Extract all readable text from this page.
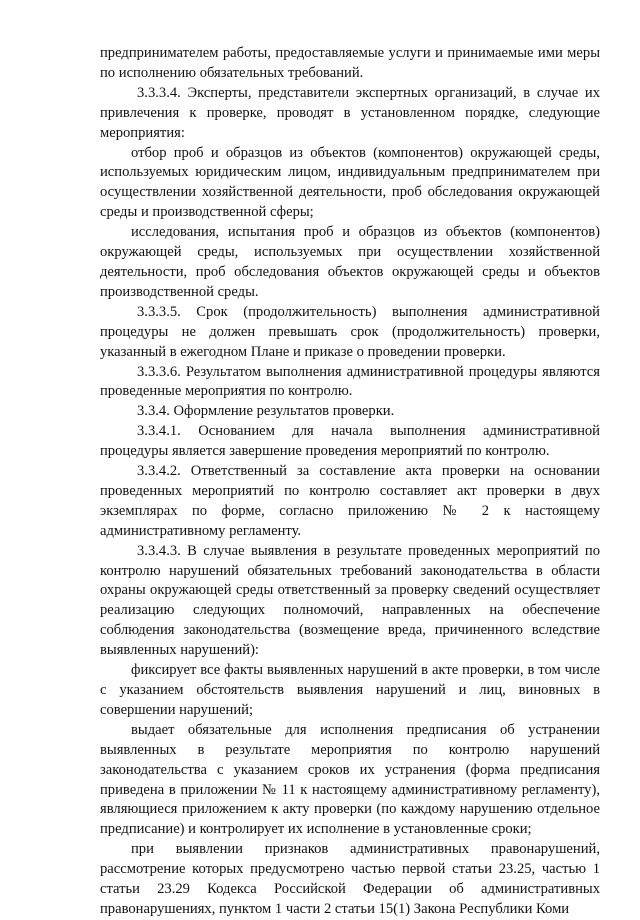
предпринимателем работы, предоставляемые услуги и принимаемые ими меры по исполнению обязательных требований.

3.3.3.4. Эксперты, представители экспертных организаций, в случае их привлечения к проверке, проводят в установленном порядке, следующие мероприятия:

отбор проб и образцов из объектов (компонентов) окружающей среды, используемых юридическим лицом, индивидуальным предпринимателем при осуществлении хозяйственной деятельности, проб обследования окружающей среды и производственной сферы;

исследования, испытания проб и образцов из объектов (компонентов) окружающей среды, используемых при осуществлении хозяйственной деятельности, проб обследования объектов окружающей среды и объектов производственной среды.

3.3.3.5. Срок (продолжительность) выполнения административной процедуры не должен превышать срок (продолжительность) проверки, указанный в ежегодном Плане и приказе о проведении проверки.

3.3.3.6. Результатом выполнения административной процедуры являются проведенные мероприятия по контролю.

3.3.4. Оформление результатов проверки.

3.3.4.1. Основанием для начала выполнения административной процедуры является завершение проведения мероприятий по контролю.

3.3.4.2. Ответственный за составление акта проверки на основании проведенных мероприятий по контролю составляет акт проверки в двух экземплярах по форме, согласно приложению № 2 к настоящему административному регламенту.

3.3.4.3. В случае выявления в результате проведенных мероприятий по контролю нарушений обязательных требований законодательства в области охраны окружающей среды ответственный за проверку сведений осуществляет реализацию следующих полномочий, направленных на обеспечение соблюдения законодательства (возмещение вреда, причиненного вследствие выявленных нарушений):

фиксирует все факты выявленных нарушений в акте проверки, в том числе с указанием обстоятельств выявления нарушений и лиц, виновных в совершении нарушений;

выдает обязательные для исполнения предписания об устранении выявленных в результате мероприятия по контролю нарушений законодательства с указанием сроков их устранения (форма предписания приведена в приложении № 11 к настоящему административному регламенту), являющиеся приложением к акту проверки (по каждому нарушению отдельное предписание) и контролирует их исполнение в установленные сроки;

при выявлении признаков административных правонарушений, рассмотрение которых предусмотрено частью первой статьи 23.25, частью 1 статьи 23.29 Кодекса Российской Федерации об административных правонарушениях, пунктом 1 части 2 статьи 15(1) Закона Республики Коми
